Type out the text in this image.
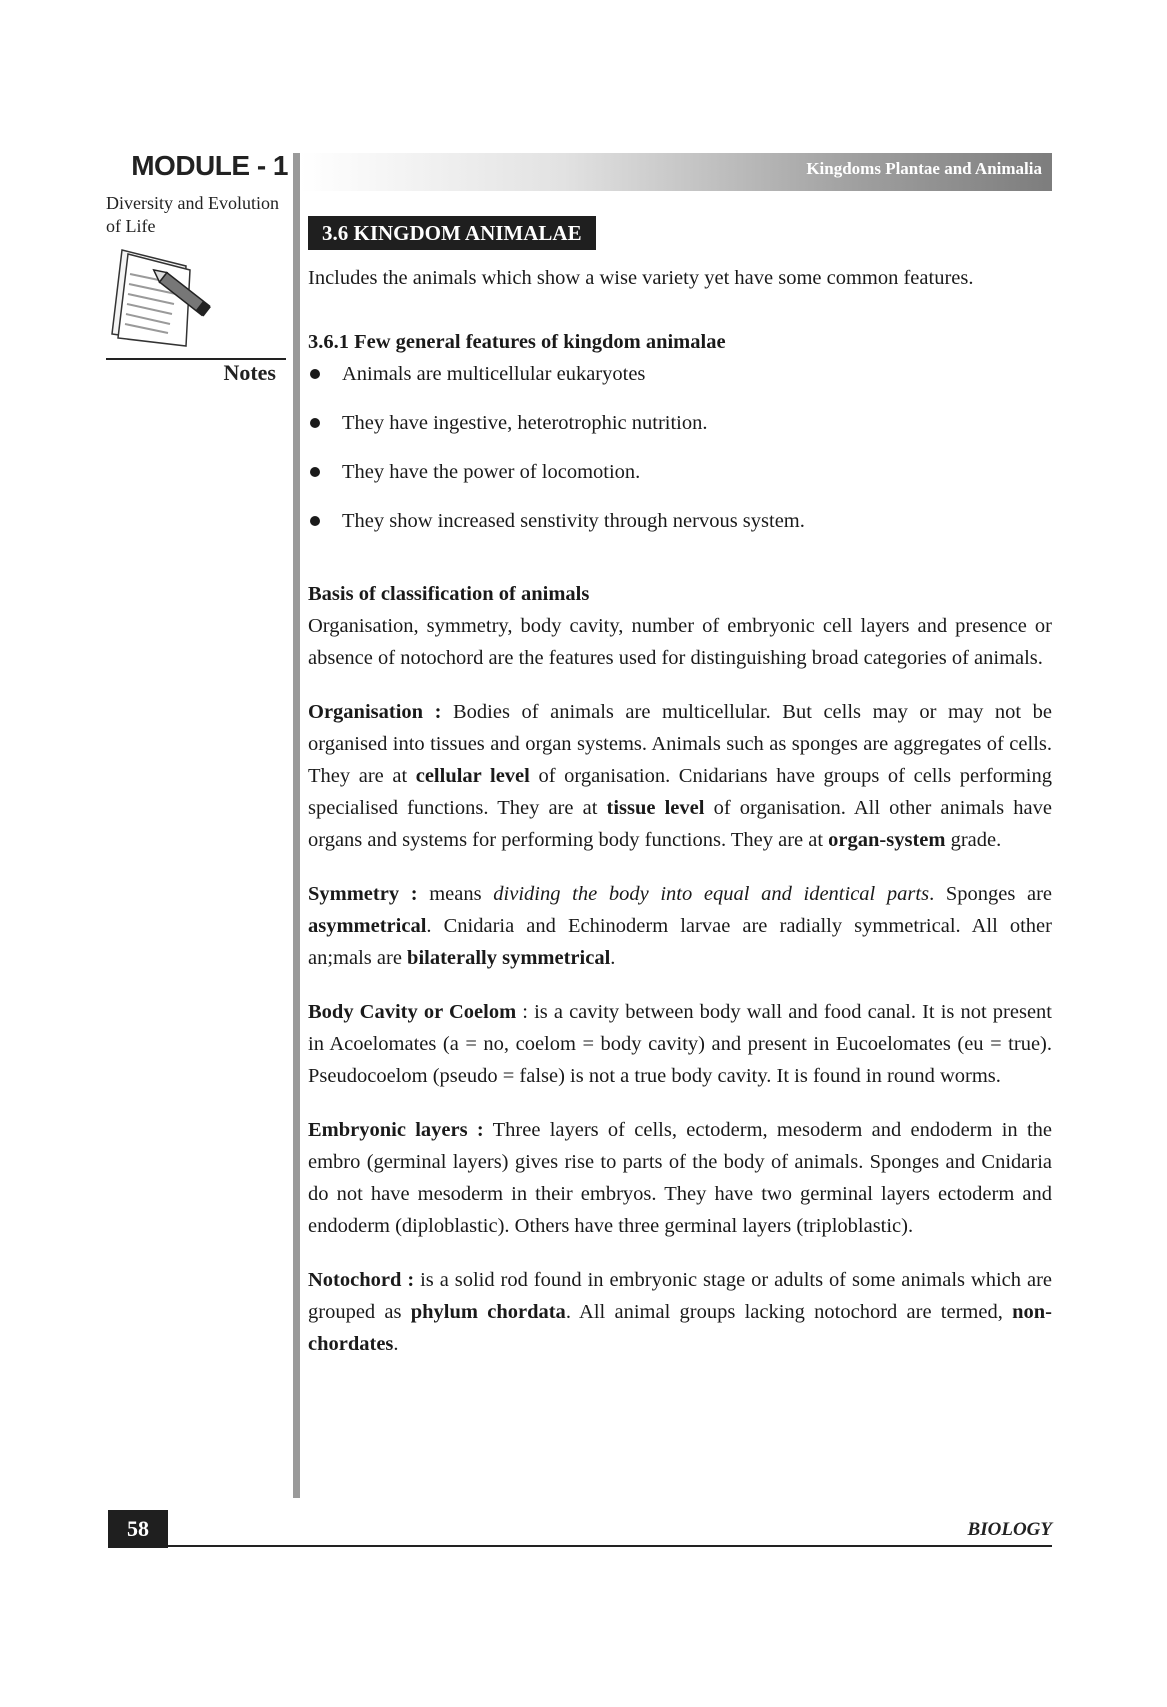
MODULE - 1
Diversity and Evolution
of Life
Notes
Kingdoms Plantae and Animalia
3.6 KINGDOM ANIMALAE

Includes the animals which show a wise variety yet have some common features.

3.6.1 Few general features of kingdom animalae

Animals are multicellular eukaryotes
They have ingestive, heterotrophic nutrition.
They have the power of locomotion.
They show increased senstivity through nervous system.

Basis of classification of animals

Organisation, symmetry, body cavity, number of embryonic cell layers and presence or absence of notochord are the features used for distinguishing broad categories of animals.

Organisation : Bodies of animals are multicellular. But cells may or may not be organised into tissues and organ systems. Animals such as sponges are aggregates of cells. They are at cellular level of organisation. Cnidarians have groups of cells performing specialised functions. They are at tissue level of organisation. All other animals have organs and systems for performing body functions. They are at organ-system grade.

Symmetry : means dividing the body into equal and identical parts. Sponges are asymmetrical. Cnidaria and Echinoderm larvae are radially symmetrical. All other an;mals are bilaterally symmetrical.

Body Cavity or Coelom : is a cavity between body wall and food canal. It is not present in Acoelomates (a = no, coelom = body cavity) and present in Eucoelomates (eu = true). Pseudocoelom (pseudo = false) is not a true body cavity. It is found in round worms.

Embryonic layers : Three layers of cells, ectoderm, mesoderm and endoderm in the embro (germinal layers) gives rise to parts of the body of animals. Sponges and Cnidaria do not have mesoderm in their embryos. They have two germinal layers ectoderm and endoderm (diploblastic). Others have three germinal layers (triploblastic).

Notochord : is a solid rod found in embryonic stage or adults of some animals which are grouped as phylum chordata. All animal groups lacking notochord are termed, non-chordates.

58	BIOLOGY
